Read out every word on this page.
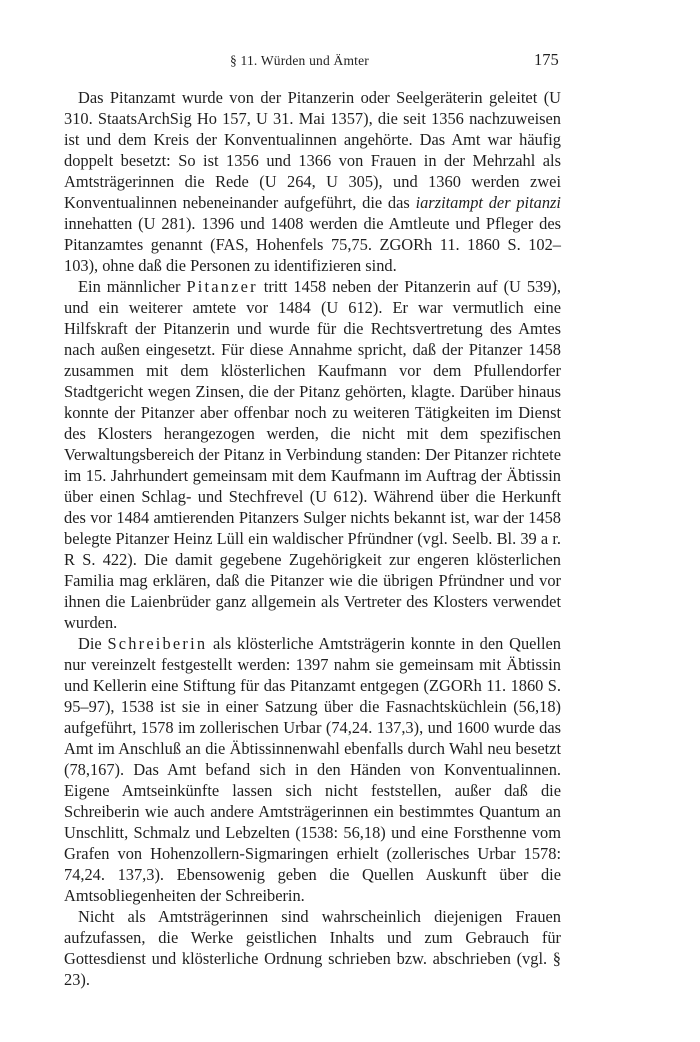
§ 11. Würden und Ämter	175

Das Pitanzamt wurde von der Pitanzerin oder Seelgeräterin geleitet (U 310. StaatsArchSig Ho 157, U 31. Mai 1357), die seit 1356 nachzuweisen ist und dem Kreis der Konventualinnen angehörte. Das Amt war häufig doppelt besetzt: So ist 1356 und 1366 von Frauen in der Mehrzahl als Amtsträgerinnen die Rede (U 264, U 305), und 1360 werden zwei Konventualinnen nebeneinander aufgeführt, die das iarzitampt der pitanzi innehatten (U 281). 1396 und 1408 werden die Amtleute und Pfleger des Pitanzamtes genannt (FAS, Hohenfels 75,75. ZGORh 11. 1860 S. 102–103), ohne daß die Personen zu identifizieren sind.

Ein männlicher Pitanzer tritt 1458 neben der Pitanzerin auf (U 539), und ein weiterer amtete vor 1484 (U 612). Er war vermutlich eine Hilfskraft der Pitanzerin und wurde für die Rechtsvertretung des Amtes nach außen eingesetzt. Für diese Annahme spricht, daß der Pitanzer 1458 zusammen mit dem klösterlichen Kaufmann vor dem Pfullendorfer Stadtgericht wegen Zinsen, die der Pitanz gehörten, klagte. Darüber hinaus konnte der Pitanzer aber offenbar noch zu weiteren Tätigkeiten im Dienst des Klosters herangezogen werden, die nicht mit dem spezifischen Verwaltungsbereich der Pitanz in Verbindung standen: Der Pitanzer richtete im 15. Jahrhundert gemeinsam mit dem Kaufmann im Auftrag der Äbtissin über einen Schlag- und Stechfrevel (U 612). Während über die Herkunft des vor 1484 amtierenden Pitanzers Sulger nichts bekannt ist, war der 1458 belegte Pitanzer Heinz Lüll ein waldischer Pfründner (vgl. Seelb. Bl. 39 a r. R S. 422). Die damit gegebene Zugehörigkeit zur engeren klösterlichen Familia mag erklären, daß die Pitanzer wie die übrigen Pfründner und vor ihnen die Laienbrüder ganz allgemein als Vertreter des Klosters verwendet wurden.

Die Schreiberin als klösterliche Amtsträgerin konnte in den Quellen nur vereinzelt festgestellt werden: 1397 nahm sie gemeinsam mit Äbtissin und Kellerin eine Stiftung für das Pitanzamt entgegen (ZGORh 11. 1860 S. 95–97), 1538 ist sie in einer Satzung über die Fasnachtsküchlein (56,18) aufgeführt, 1578 im zollerischen Urbar (74,24. 137,3), und 1600 wurde das Amt im Anschluß an die Äbtissinnenwahl ebenfalls durch Wahl neu besetzt (78,167). Das Amt befand sich in den Händen von Konventualinnen. Eigene Amtseinkünfte lassen sich nicht feststellen, außer daß die Schreiberin wie auch andere Amtsträgerinnen ein bestimmtes Quantum an Unschlitt, Schmalz und Lebzelten (1538: 56,18) und eine Forsthenne vom Grafen von Hohenzollern-Sigmaringen erhielt (zollerisches Urbar 1578: 74,24. 137,3). Ebensowenig geben die Quellen Auskunft über die Amtsobliegenheiten der Schreiberin.

Nicht als Amtsträgerinnen sind wahrscheinlich diejenigen Frauen aufzufassen, die Werke geistlichen Inhalts und zum Gebrauch für Gottesdienst und klösterliche Ordnung schrieben bzw. abschrieben (vgl. § 23).
